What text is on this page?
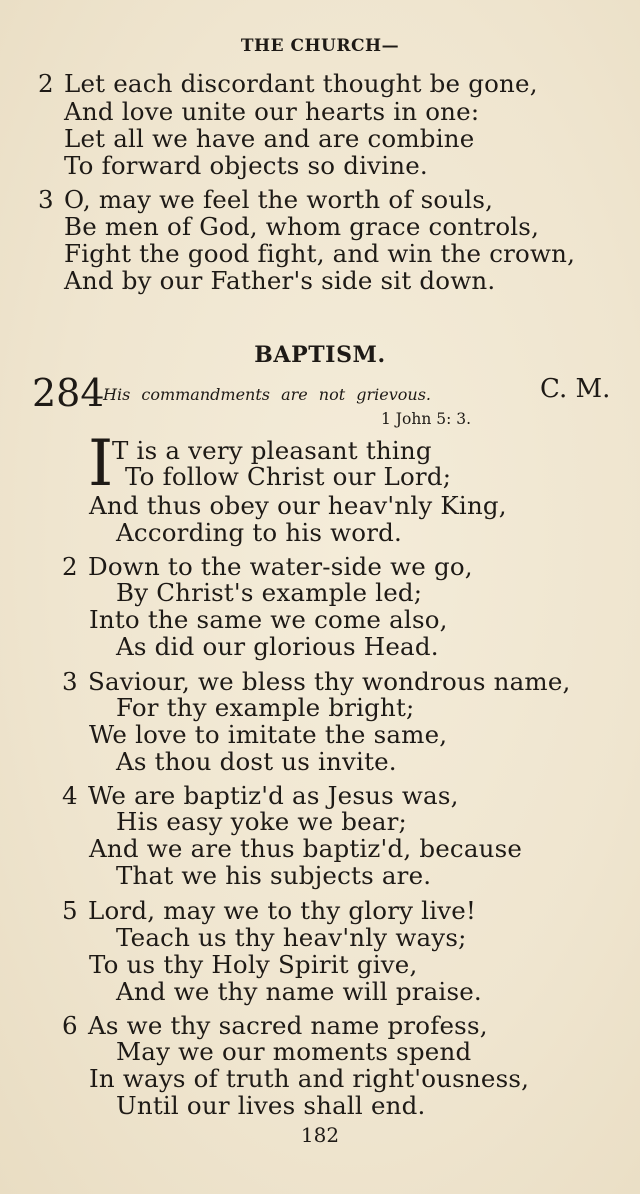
THE CHURCH—
2 Let each discordant thought be gone,
And love unite our hearts in one:
Let all we have and are combine
To forward objects so divine.
3 O, may we feel the worth of souls,
Be men of God, whom grace controls,
Fight the good fight, and win the crown,
And by our Father's side sit down.
BAPTISM.
284
His commandments are not grievous.	C. M.
1 John 5: 3.
I
T is a very pleasant thing
To follow Christ our Lord;
And thus obey our heav'nly King,
According to his word.
2 Down to the water-side we go,
By Christ's example led;
Into the same we come also,
As did our glorious Head.
3 Saviour, we bless thy wondrous name,
For thy example bright;
We love to imitate the same,
As thou dost us invite.
4 We are baptiz'd as Jesus was,
His easy yoke we bear;
And we are thus baptiz'd, because
That we his subjects are.
5 Lord, may we to thy glory live!
Teach us thy heav'nly ways;
To us thy Holy Spirit give,
And we thy name will praise.
6 As we thy sacred name profess,
May we our moments spend
In ways of truth and right'ousness,
Until our lives shall end.
182
